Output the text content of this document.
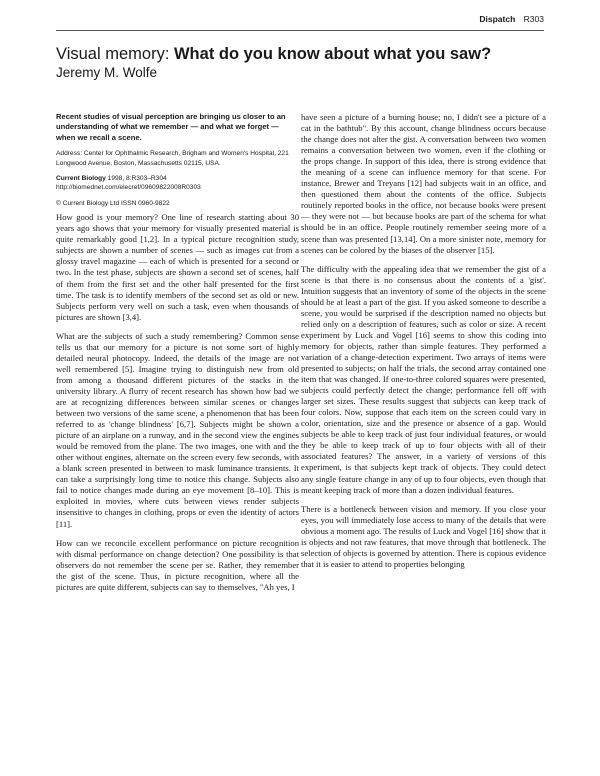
Dispatch R303
Visual memory: What do you know about what you saw?
Jeremy M. Wolfe

Recent studies of visual perception are bringing us closer to an understanding of what we remember — and what we forget — when we recall a scene.

Address: Center for Ophthalmic Research, Brigham and Women's Hospital, 221 Longwood Avenue, Boston, Massachusetts 02115, USA.

Current Biology 1998, 8:R303–R304

http://biomednet.com/elecref/09609822008R0303

© Current Biology Ltd ISSN 0960-9822

How good is your memory? One line of research starting about 30 years ago shows that your memory for visually presented material is quite remarkably good [1,2]. In a typical picture recognition study, subjects are shown a number of scenes — such as images cut from a glossy travel magazine — each of which is presented for a second or two. In the test phase, subjects are shown a second set of scenes, half of them from the first set and the other half presented for the first time. The task is to identify members of the second set as old or new. Subjects perform very well on such a task, even when thousands of pictures are shown [3,4].

What are the subjects of such a study remembering? Common sense tells us that our memory for a picture is not some sort of highly detailed neural photocopy. Indeed, the details of the image are not well remembered [5]. Imagine trying to distinguish new from old from among a thousand different pictures of the stacks in the university library. A flurry of recent research has shown how bad we are at recognizing differences between similar scenes or changes between two versions of the same scene, a phenomenon that has been referred to as 'change blindness' [6,7]. Subjects might be shown a picture of an airplane on a runway, and in the second view the engines would be removed from the plane. The two images, one with and the other without engines, alternate on the screen every few seconds, with a blank screen presented in between to mask luminance transients. It can take a surprisingly long time to notice this change. Subjects also fail to notice changes made during an eye movement [8–10]. This is exploited in movies, where cuts between views render subjects insensitive to changes in clothing, props or even the identity of actors [11].

How can we reconcile excellent performance on picture recognition with dismal performance on change detection? One possibility is that observers do not remember the scene per se. Rather, they remember the gist of the scene. Thus, in picture recognition, where all the pictures are quite different, subjects can say to themselves, "Ah yes, I

have seen a picture of a burning house; no, I didn't see a picture of a cat in the bathtub". By this account, change blindness occurs because the change does not alter the gist. A conversation between two women remains a conversation between two women, even if the clothing or the props change. In support of this idea, there is strong evidence that the meaning of a scene can influence memory for that scene. For instance, Brewer and Treyans [12] had subjects wait in an office, and then questioned them about the contents of the office. Subjects routinely reported books in the office, not because books were present — they were not — but because books are part of the schema for what should be in an office. People routinely remember seeing more of a scene than was presented [13,14]. On a more sinister note, memory for scenes can be colored by the biases of the observer [15].

The difficulty with the appealing idea that we remember the gist of a scene is that there is no consensus about the contents of a 'gist'. Intuition suggests that an inventory of some of the objects in the scene should be at least a part of the gist. If you asked someone to describe a scene, you would be surprised if the description named no objects but relied only on a description of features, such as color or size. A recent experiment by Luck and Vogel [16] seems to show this coding into memory for objects, rather than simple features. They performed a variation of a change-detection experiment. Two arrays of items were presented to subjects; on half the trials, the second array contained one item that was changed. If one-to-three colored squares were presented, subjects could perfectly detect the change; performance fell off with larger set sizes. These results suggest that subjects can keep track of four colors. Now, suppose that each item on the screen could vary in color, orientation, size and the presence or absence of a gap. Would subjects be able to keep track of just four individual features, or would they be able to keep track of up to four objects with all of their associated features? The answer, in a variety of versions of this experiment, is that subjects kept track of objects. They could detect any single feature change in any of up to four objects, even though that meant keeping track of more than a dozen individual features.

There is a bottleneck between vision and memory. If you close your eyes, you will immediately lose access to many of the details that were obvious a moment ago. The results of Luck and Vogel [16] show that it is objects and not raw features, that move through that bottleneck. The selection of objects is governed by attention. There is copious evidence that it is easier to attend to properties belonging
